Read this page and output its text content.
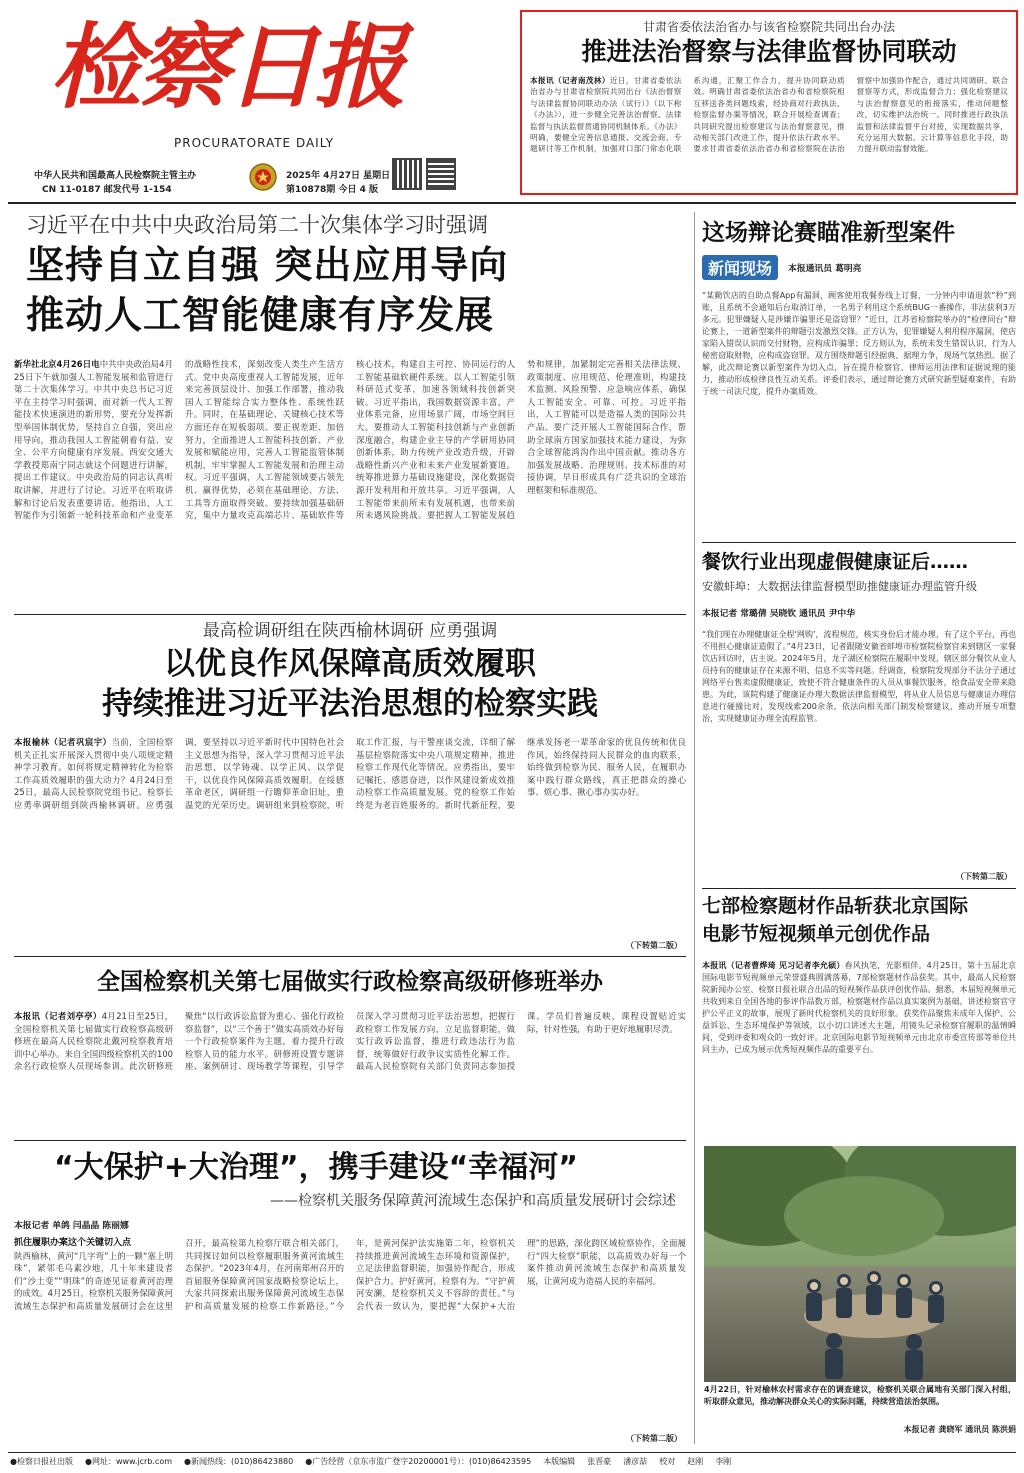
检察日报
PROCURATORATE DAILY
中华人民共和国最高人民检察院主管主办
CN 11-0187 邮发代号 1-154
2025年 4月27日 星期日
第10878期 今日 4 版
甘肃省委依法治省办与该省检察院共同出台办法
推进法治督察与法律监督协同联动
本报讯（记者南茂林）近日，甘肃省委依法治省办与甘肃省检察院共同出台《法治督察与法律监督协同联动办法（试行）》（以下称《办法》），进一步健全完善法治督察、法律监督与执法监督贯通协同机制体系。《办法》明确，要健全完善信息通报、交流会商、专题研讨等工作机制，加强对口部门常态化联系沟通，汇聚工作合力，提升协同联动质效。明确甘肃省委依法治省办和省检察院相互移送各类问题线索，经协商对行政执法、检察监督办案等情况，联合开展检查调查；共同研究提出检察建议与法治督察意见，推动相关部门改进工作，提升依法行政水平。要求甘肃省委依法治省办和省检察院在法治督察中加强协作配合，通过共同调研、联合督察等方式，形成监督合力；强化检察建议与法治督察意见的衔接落实，推动问题整改，切实维护法治统一。同时推进行政执法监督和法律监督平台对接，实现数据共享，充分运用大数据、云计算等信息化手段，助力提升联动监督效能。
习近平在中共中央政治局第二十次集体学习时强调
坚持自立自强 突出应用导向
推动人工智能健康有序发展
新华社北京4月26日电中共中央政治局4月25日下午就加强人工智能发展和监管进行第二十次集体学习。中共中央总书记习近平在主持学习时强调，面对新一代人工智能技术快速演进的新形势，要充分发挥新型举国体制优势，坚持自立自强，突出应用导向，推动我国人工智能朝着有益、安全、公平方向健康有序发展。西安交通大学教授郑南宁同志就这个问题进行讲解，提出工作建议。中央政治局的同志认真听取讲解，并进行了讨论。习近平在听取讲解和讨论后发表重要讲话。他指出，人工智能作为引领新一轮科技革命和产业变革的战略性技术，深刻改变人类生产生活方式。党中央高度重视人工智能发展，近年来完善顶层设计、加强工作部署，推动我国人工智能综合实力整体性、系统性跃升。同时，在基础理论、关键核心技术等方面还存在短板弱项。要正视差距、加倍努力，全面推进人工智能科技创新、产业发展和赋能应用，完善人工智能监管体制机制，牢牢掌握人工智能发展和治理主动权。习近平强调，人工智能领域要占领先机、赢得优势，必须在基础理论、方法、工具等方面取得突破。要持续加强基础研究，集中力量攻克高端芯片、基础软件等核心技术，构建自主可控、协同运行的人工智能基础软硬件系统。以人工智能引领科研范式变革，加速各领域科技创新突破。习近平指出，我国数据资源丰富，产业体系完备，应用场景广阔，市场空间巨大。要推动人工智能科技创新与产业创新深度融合，构建企业主导的产学研用协同创新体系，助力传统产业改造升级，开辟战略性新兴产业和未来产业发展新赛道。统筹推进算力基础设施建设，深化数据资源开发利用和开放共享。习近平强调，人工智能带来前所未有发展机遇，也带来前所未遇风险挑战。要把握人工智能发展趋势和规律，加紧制定完善相关法律法规、政策制度、应用规范、伦理准则，构建技术监测、风险预警、应急响应体系，确保人工智能安全、可靠、可控。习近平指出，人工智能可以是造福人类的国际公共产品。要广泛开展人工智能国际合作，帮助全球南方国家加强技术能力建设，为弥合全球智能鸿沟作出中国贡献。推动各方加强发展战略、治理规则、技术标准的对接协调，早日形成具有广泛共识的全球治理框架和标准规范。
最高检调研组在陕西榆林调研 应勇强调
以优良作风保障高质效履职
持续推进习近平法治思想的检察实践
本报榆林（记者巩宸宇）当前，全国检察机关正扎实开展深入贯彻中央八项规定精神学习教育。如何将规定精神转化为检察工作高质效履职的强大动力？4月24日至25日，最高人民检察院党组书记、检察长应勇率调研组到陕西榆林调研。应勇强调，要坚持以习近平新时代中国特色社会主义思想为指导，深入学习贯彻习近平法治思想，以学铸魂、以学正风、以学促干，以优良作风保障高质效履职。在绥德革命老区，调研组一行瞻仰革命旧址，重温党的光荣历史。调研组来到检察院，听取工作汇报，与干警座谈交流，详细了解基层检察院落实中央八项规定精神、推进检察工作现代化等情况。应勇指出，要牢记嘱托、感恩奋进，以作风建设新成效推动检察工作高质量发展。党的检察工作始终是为老百姓服务的。新时代新征程，要继承发扬老一辈革命家的优良传统和优良作风，始终保持同人民群众的血肉联系，始终做到检察为民、服务人民，在履职办案中践行群众路线，真正把群众的操心事、烦心事、揪心事办实办好。
（下转第二版）
全国检察机关第七届做实行政检察高级研修班举办
本报讯（记者刘亭亭）4月21日至25日，全国检察机关第七届做实行政检察高级研修班在最高人民检察院北戴河检察教育培训中心举办。来自全国四级检察机关的100余名行政检察人员现场参训。此次研修班聚焦“以行政诉讼监督为重心、强化行政检察监督”，以“三个善于”做实高质效办好每一个行政检察案件为主题，着力提升行政检察人员的能力水平。研修班设置专题讲座、案例研讨、现场教学等课程，引导学员深入学习贯彻习近平法治思想，把握行政检察工作发展方向，立足监督职能，做实行政诉讼监督，推进行政违法行为监督，统筹做好行政争议实质性化解工作。最高人民检察院有关部门负责同志参加授课。学员们普遍反映，课程设置贴近实际，针对性强，有助于更好地履职尽责。
“大保护+大治理”，携手建设“幸福河”
——检察机关服务保障黄河流域生态保护和高质量发展研讨会综述
本报记者 单鸽 闫晶晶 陈丽娜
抓住履职办案这个关键切入点
陕西榆林，黄河“几字弯”上的一颗“塞上明珠”，紧邻毛乌素沙地，几十年来建设者们“沙土变”“明珠”的奇迹见证着黄河治理的成效。4月25日，检察机关服务保障黄河流域生态保护和高质量发展研讨会在这里召开，最高检第九检察厅联合相关部门，共同探讨如何以检察履职服务黄河流域生态保护。“2023年4月，在河南郑州召开的首届服务保障黄河国家战略检察论坛上，大家共同探索出服务保障黄河流域生态保护和高质量发展的检察工作新路径。”今年，是黄河保护法实施第二年，检察机关持续推进黄河流域生态环境和资源保护，立足法律监督职能，加强协作配合，形成保护合力。护好黄河，检察有为。“守护黄河安澜，是检察机关义不容辞的责任。”与会代表一致认为，要把握“大保护+大治理”的思路，深化跨区域检察协作，全面履行“四大检察”职能，以高质效办好每一个案件推动黄河流域生态保护和高质量发展，让黄河成为造福人民的幸福河。
（下转第二版）
这场辩论赛瞄准新型案件
新闻现场	本报通讯员 葛明亮
“某勤饮店的自助点餐App有漏洞，顾客使用我餐券线上订餐，一分钟内申请退款“秒”到账，且系统不会通知后台取消订单，一名男子利用这个系统BUG一番操作，非法获利3万多元。犯罪嫌疑人是涉嫌诈骗罪还是盗窃罪？”近日，江苏省检察院举办的“检律同台”辩论赛上，一道新型案件的辩题引发激烈交锋。正方认为，犯罪嫌疑人利用程序漏洞，使店家陷入错误认识而交付财物，应构成诈骗罪；反方则认为，系统未发生错误认识，行为人秘密窃取财物，应构成盗窃罪。双方围绕辩题引经据典、据理力争，现场气氛热烈。据了解，此次辩论赛以新型案件为切入点，旨在提升检察官、律师运用法律和证据说理的能力，推动形成检律良性互动关系。评委们表示，通过辩论赛方式研究新型疑难案件，有助于统一司法尺度，提升办案质效。
餐饮行业出现虚假健康证后……
安徽蚌埠：大数据法律监督模型助推健康证办理监管升级
本报记者 常璐倩 吴晓钦 通讯员 尹中华
“我们现在办理健康证全程‘网购’，流程规范，核实身份后才能办理，有了这个平台，再也不用担心健康证造假了。”4月23日，记者跟随安徽省蚌埠市检察院检察官来到辖区一家餐饮店回访时，店主说。2024年5月，龙子湖区检察院在履职中发现，辖区部分餐饮从业人员持有的健康证存在来源不明、信息不实等问题。经调查，检察院发现部分不法分子通过网络平台售卖虚假健康证，致使不符合健康条件的人员从事餐饮服务，给食品安全带来隐患。为此，该院构建了健康证办理大数据法律监督模型，将从业人员信息与健康证办理信息进行碰撞比对，发现线索200余条，依法向相关部门制发检察建议，推动开展专项整治，实现健康证办理全流程监管。
（下转第二版）
七部检察题材作品斩获北京国际
电影节短视频单元创优作品
本报讯（记者曹烨琦 见习记者李允硕）春风执笔，光影相伴。4月25日，第十五届北京国际电影节短视频单元荣誉盛典圆满落幕，7部检察题材作品获奖。其中，最高人民检察院新闻办公室、检察日报社联合出品的短视频作品获评创优作品。据悉，本届短视频单元共收到来自全国各地的参评作品数万部，检察题材作品以真实案例为基础，讲述检察官守护公平正义的故事，展现了新时代检察机关的良好形象。获奖作品聚焦未成年人保护、公益诉讼、生态环境保护等领域，以小切口讲述大主题，用镜头记录检察官履职的温情瞬间，受到评委和观众的一致好评。北京国际电影节短视频单元由北京市委宣传部等单位共同主办，已成为展示优秀短视频作品的重要平台。
4月22日，针对榆林农村需求存在的调查建议，检察机关联合属地有关部门深入村组，听取群众意见，推动解决群众关心的实际问题，持续营造法治氛围。
本报记者 龚晓军 通讯员 陈洪娟
●检察日报社出版 ●网址：www.jcrb.com ●新闻热线：(010)86423880 ●广告经营（京东市监广登字20200001号）：(010)86423595 本版编辑 张晋豪 潘彦喆 校对 赵刚 李刚
